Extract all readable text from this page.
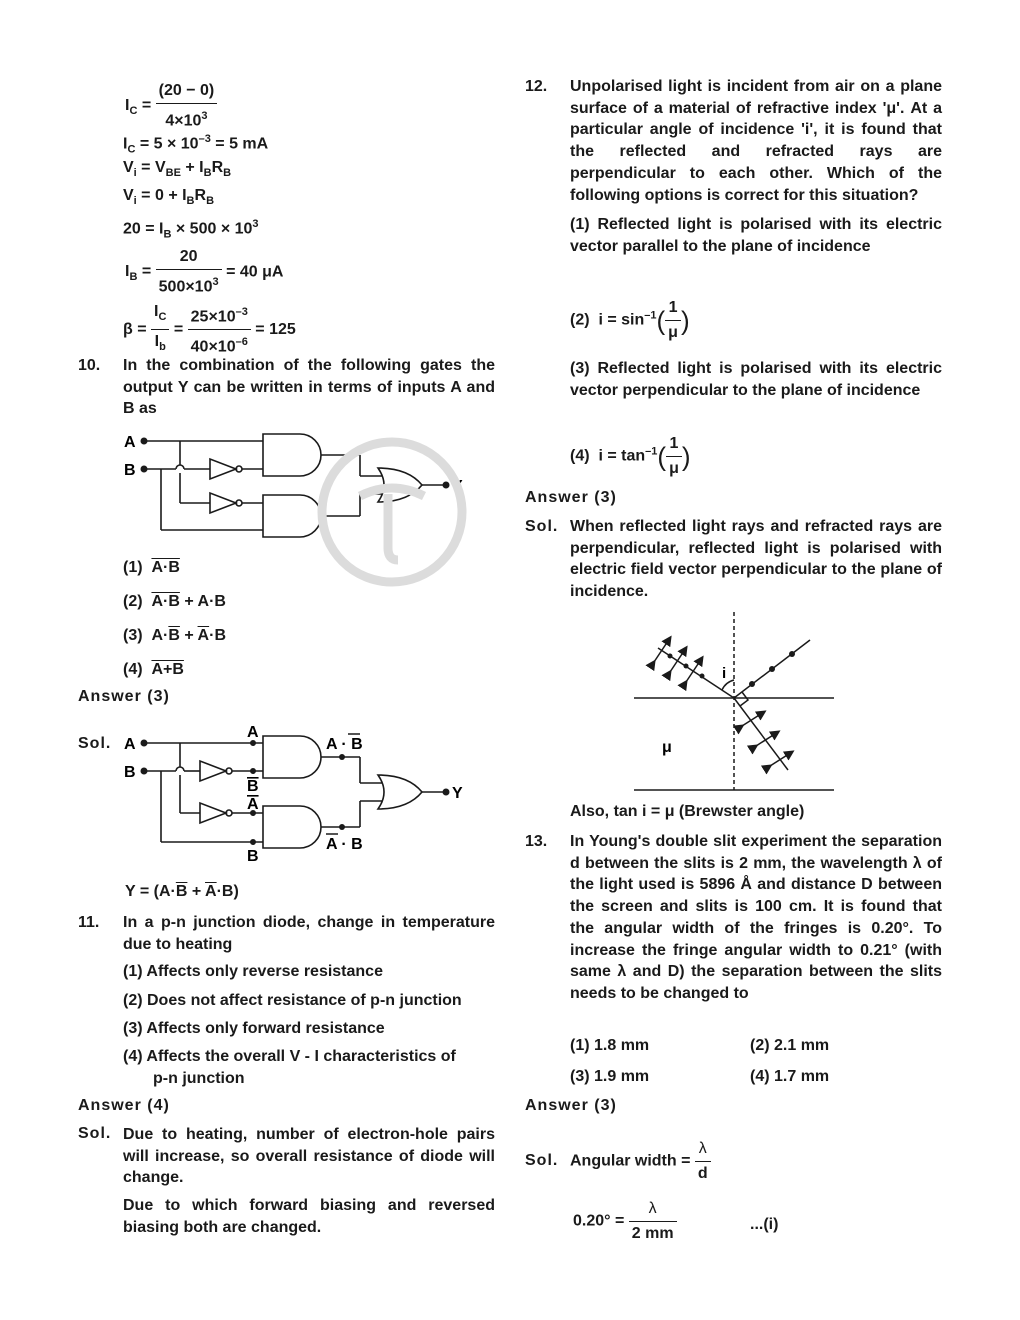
$I_C = \frac{(20 - 0)}{4\times 10^3}$
$I_C = 5 \times 10^{-3} = 5$ mA
$V_i = V_{BE} + I_BR_B$
$V_i = 0 + I_BR_B$
$20 = I_B \times 500 \times 10^3$
$I_B = \frac{20}{500\times 10^3} = 40$ μA
$\beta = \frac{I_C}{I_b} = \frac{25\times 10^{-3}}{40\times 10^{-6}} = 125$
10. In the combination of the following gates the output Y can be written in terms of inputs A and B as
A
B
Y
(1) A·B
(2) A·B + A·B
(3)  $A\cdot\overline{B} + \overline{A}\cdot B$
(4) A+B
Answer (3)
Sol. A
B
A
B
A
B
A · B
A · B
Y
$Y = (A\cdot\overline{B} + \overline{A}\cdot B)$
11. In a p-n junction diode, change in temperature due to heating
(1) Affects only reverse resistance
(2) Does not affect resistance of p-n junction
(3) Affects only forward resistance
(4) Affects the overall V - I characteristics of
p-n junction
Answer (4)
Sol. Due to heating, number of electron-hole pairs will increase, so overall resistance of diode will change.
Due to which forward biasing and reversed biasing both are changed.
12. Unpolarised light is incident from air on a plane surface of a material of refractive index 'μ'. At a particular angle of incidence 'i', it is found that the reflected and refracted rays are perpendicular to each other. Which of the following options is correct for this situation?
(1) Reflected light is polarised with its electric vector parallel to the plane of incidence
(2)  $i = \sin^{-1}( \frac{1}{\mu}$ )
(3) Reflected light is polarised with its electric vector perpendicular to the plane of incidence
(4)  $i = \tan^{-1}( \frac{1}{\mu}$ )
Answer (3)
Sol. When reflected light rays and refracted rays are perpendicular, reflected light is polarised with electric field vector perpendicular to the plane of incidence.
i
μ
Also, tan i = μ (Brewster angle)
13. In Young's double slit experiment the separation d between the slits is 2 mm, the wavelength λ of the light used is 5896 Å and distance D between the screen and slits is 100 cm. It is found that the angular width of the fringes is 0.20°. To increase the fringe angular width to 0.21° (with same λ and D) the separation between the slits needs to be changed to
(1) 1.8 mm	(2) 2.1 mm
(3) 1.9 mm	(4) 1.7 mm
Answer (3)
Sol. Angular width = $\frac{\lambda}{d}$
$0.20^\circ = \frac{\lambda}{2 mm}$	...(i)
